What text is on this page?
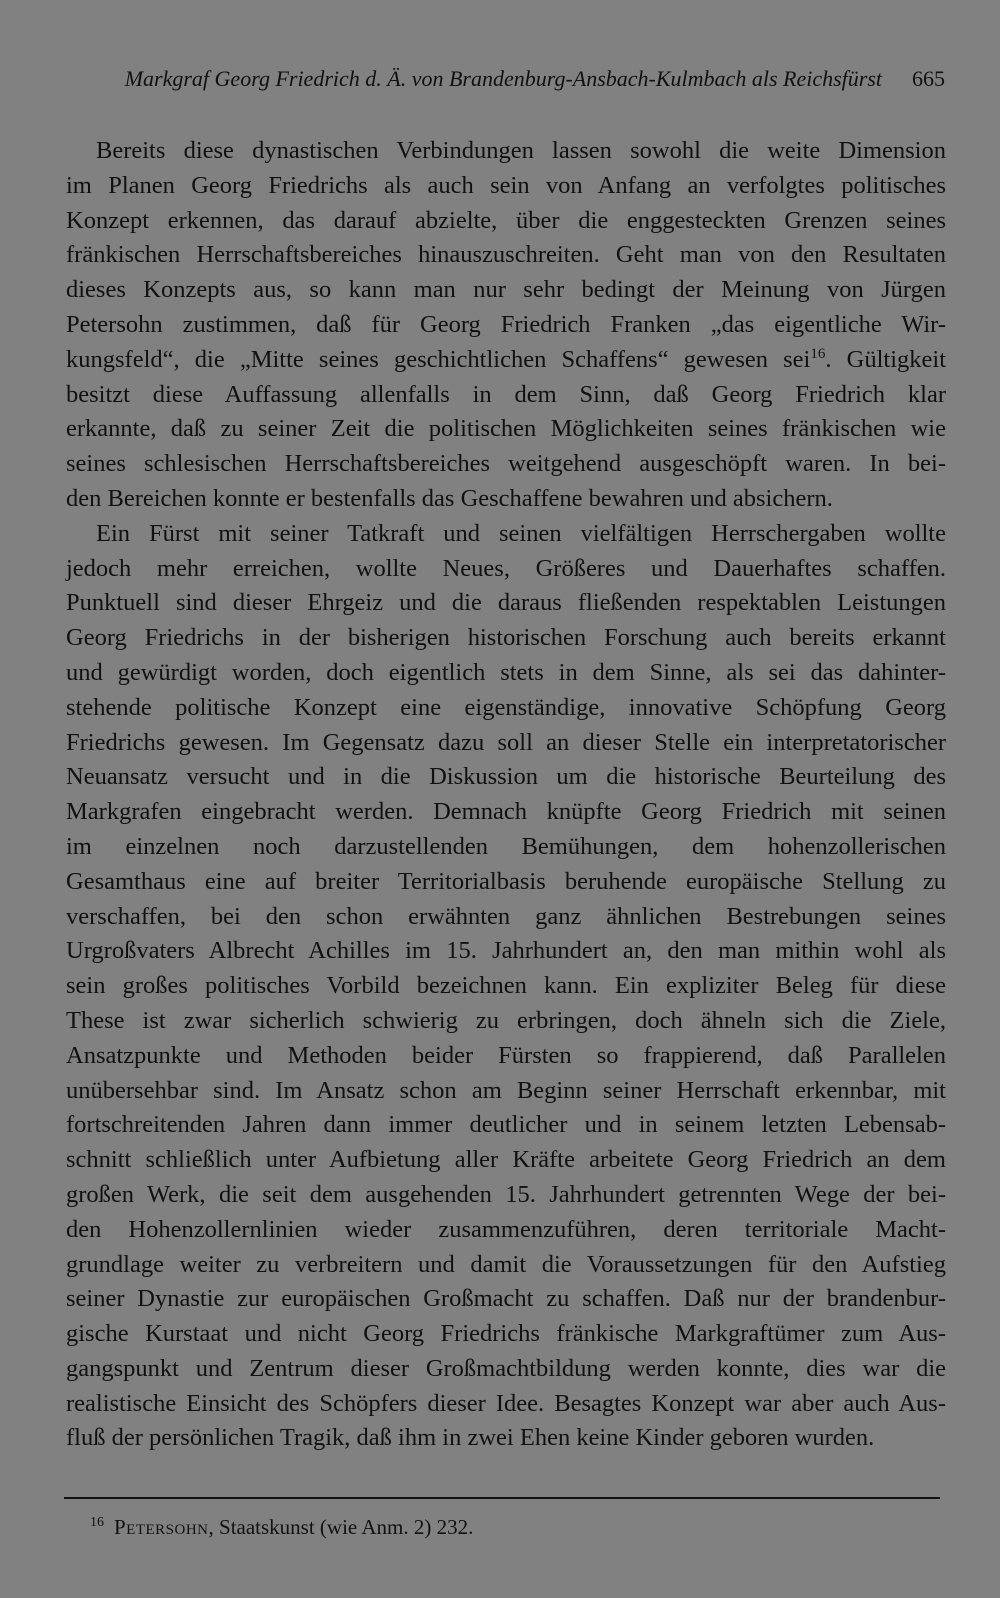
Markgraf Georg Friedrich d. Ä. von Brandenburg-Ansbach-Kulmbach als Reichsfürst 665
Bereits diese dynastischen Verbindungen lassen sowohl die weite Dimension
im Planen Georg Friedrichs als auch sein von Anfang an verfolgtes politisches
Konzept erkennen, das darauf abzielte, über die enggesteckten Grenzen seines
fränkischen Herrschaftsbereiches hinauszuschreiten. Geht man von den Resultaten
dieses Konzepts aus, so kann man nur sehr bedingt der Meinung von Jürgen
Petersohn zustimmen, daß für Georg Friedrich Franken „das eigentliche Wir-
kungsfeld“, die „Mitte seines geschichtlichen Schaffens“ gewesen sei$^{16}$. Gültigkeit
besitzt diese Auffassung allenfalls in dem Sinn, daß Georg Friedrich klar
erkannte, daß zu seiner Zeit die politischen Möglichkeiten seines fränkischen wie
seines schlesischen Herrschaftsbereiches weitgehend ausgeschöpft waren. In bei-
den Bereichen konnte er bestenfalls das Geschaffene bewahren und absichern.
Ein Fürst mit seiner Tatkraft und seinen vielfältigen Herrschergaben wollte
jedoch mehr erreichen, wollte Neues, Größeres und Dauerhaftes schaffen.
Punktuell sind dieser Ehrgeiz und die daraus fließenden respektablen Leistungen
Georg Friedrichs in der bisherigen historischen Forschung auch bereits erkannt
und gewürdigt worden, doch eigentlich stets in dem Sinne, als sei das dahinter-
stehende politische Konzept eine eigenständige, innovative Schöpfung Georg
Friedrichs gewesen. Im Gegensatz dazu soll an dieser Stelle ein interpretatorischer
Neuansatz versucht und in die Diskussion um die historische Beurteilung des
Markgrafen eingebracht werden. Demnach knüpfte Georg Friedrich mit seinen
im einzelnen noch darzustellenden Bemühungen, dem hohenzollerischen
Gesamthaus eine auf breiter Territorialbasis beruhende europäische Stellung zu
verschaffen, bei den schon erwähnten ganz ähnlichen Bestrebungen seines
Urgroßvaters Albrecht Achilles im 15. Jahrhundert an, den man mithin wohl als
sein großes politisches Vorbild bezeichnen kann. Ein expliziter Beleg für diese
These ist zwar sicherlich schwierig zu erbringen, doch ähneln sich die Ziele,
Ansatzpunkte und Methoden beider Fürsten so frappierend, daß Parallelen
unübersehbar sind. Im Ansatz schon am Beginn seiner Herrschaft erkennbar, mit
fortschreitenden Jahren dann immer deutlicher und in seinem letzten Lebensab-
schnitt schließlich unter Aufbietung aller Kräfte arbeitete Georg Friedrich an dem
großen Werk, die seit dem ausgehenden 15. Jahrhundert getrennten Wege der bei-
den Hohenzollernlinien wieder zusammenzuführen, deren territoriale Macht-
grundlage weiter zu verbreitern und damit die Voraussetzungen für den Aufstieg
seiner Dynastie zur europäischen Großmacht zu schaffen. Daß nur der brandenbur-
gische Kurstaat und nicht Georg Friedrichs fränkische Markgraftümer zum Aus-
gangspunkt und Zentrum dieser Großmachtbildung werden konnte, dies war die
realistische Einsicht des Schöpfers dieser Idee. Besagtes Konzept war aber auch Aus-
fluß der persönlichen Tragik, daß ihm in zwei Ehen keine Kinder geboren wurden.
$^{16}$ Petersohn, Staatskunst (wie Anm. 2) 232.
